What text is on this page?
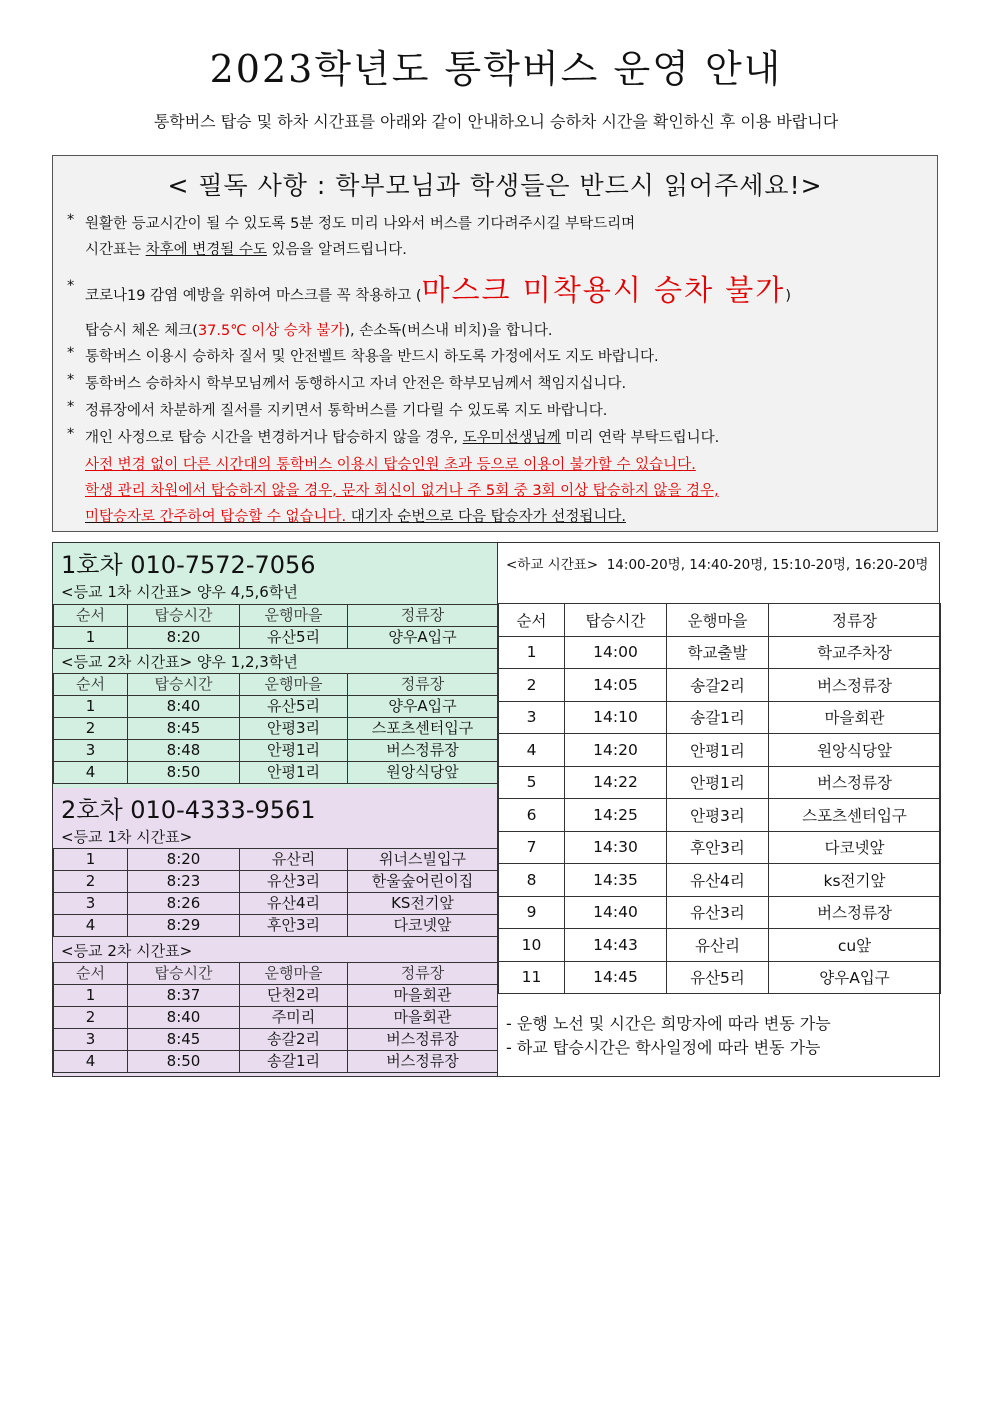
2023학년도 통학버스 운영 안내
통학버스 탑승 및 하차 시간표를 아래와 같이 안내하오니 승하차 시간을 확인하신 후 이용 바랍니다
< 필독 사항 : 학부모님과 학생들은 반드시 읽어주세요!>
* 원활한 등교시간이 될 수 있도록 5분 정도 미리 나와서 버스를 기다려주시길 부탁드리며
시간표는 차후에 변경될 수도 있음을 알려드립니다.
*
코로나19 감염 예방을 위하여 마스크를 꼭 착용하고 (마스크 미착용시 승차 불가)
탑승시 체온 체크(37.5℃ 이상 승차 불가), 손소독(버스내 비치)을 합니다.
* 통학버스 이용시 승하차 질서 및 안전벨트 착용을 반드시 하도록 가정에서도 지도 바랍니다.
* 통학버스 승하차시 학부모님께서 동행하시고 자녀 안전은 학부모님께서 책임지십니다.
* 정류장에서 차분하게 질서를 지키면서 통학버스를 기다릴 수 있도록 지도 바랍니다.
* 개인 사정으로 탑승 시간을 변경하거나 탑승하지 않을 경우, 도우미선생님께 미리 연락 부탁드립니다.
사전 변경 없이 다른 시간대의 통학버스 이용시 탑승인원 초과 등으로 이용이 불가할 수 있습니다.
학생 관리 차원에서 탑승하지 않을 경우, 문자 회신이 없거나 주 5회 중 3회 이상 탑승하지 않을 경우,
미탑승자로 간주하여 탑승할 수 없습니다. 대기자 순번으로 다음 탑승자가 선정됩니다.
1호차 010-7572-7056
<등교 1차 시간표> 양우 4,5,6학년
순서	탑승시간	운행마을	정류장
1	8:20	유산5리	양우A입구
<등교 2차 시간표> 양우 1,2,3학년
순서	탑승시간	운행마을	정류장
1	8:40	유산5리	양우A입구
2	8:45	안평3리	스포츠센터입구
3	8:48	안평1리	버스정류장
4	8:50	안평1리	원앙식당앞
2호차 010-4333-9561
<등교 1차 시간표>
1	8:20	유산리	위너스빌입구
2	8:23	유산3리	한울숲어린이집
3	8:26	유산4리	KS전기앞
4	8:29	후안3리	다코넷앞
<등교 2차 시간표>
순서	탑승시간	운행마을	정류장
1	8:37	단천2리	마을회관
2	8:40	주미리	마을회관
3	8:45	송갈2리	버스정류장
4	8:50	송갈1리	버스정류장
<하교 시간표> 14:00-20명, 14:40-20명, 15:10-20명, 16:20-20명
순서	탑승시간	운행마을	정류장
1	14:00	학교출발	학교주차장
2	14:05	송갈2리	버스정류장
3	14:10	송갈1리	마을회관
4	14:20	안평1리	원앙식당앞
5	14:22	안평1리	버스정류장
6	14:25	안평3리	스포츠센터입구
7	14:30	후안3리	다코넷앞
8	14:35	유산4리	ks전기앞
9	14:40	유산3리	버스정류장
10	14:43	유산리	cu앞
11	14:45	유산5리	양우A입구
- 운행 노선 및 시간은 희망자에 따라 변동 가능
- 하교 탑승시간은 학사일정에 따라 변동 가능
